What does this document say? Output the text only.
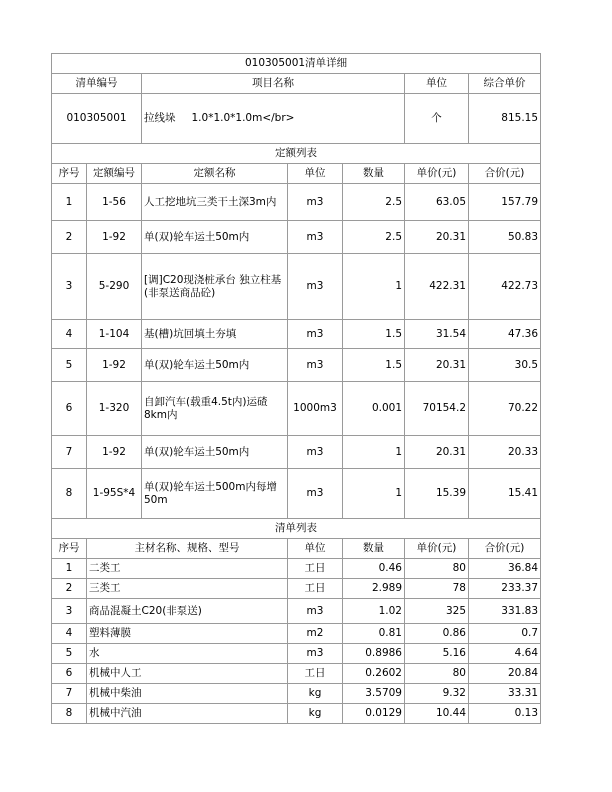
010305001清单详细						
清单编号		项目名称			单位	综合单价
010305001		拉线垛 1.0*1.0*1.0m</br>			个	815.15
定额列表						
序号	定额编号	定额名称	单位	数量	单价(元)	合价(元)
1	1-56	人工挖地坑三类干土深3m内	m3	2.5	63.05	157.79
2	1-92	单(双)轮车运土50m内	m3	2.5	20.31	50.83
3	5-290	[调]C20现浇桩承台 独立柱基(非泵送商品砼)	m3	1	422.31	422.73
4	1-104	基(槽)坑回填土夯填	m3	1.5	31.54	47.36
5	1-92	单(双)轮车运土50m内	m3	1.5	20.31	30.5
6	1-320	自卸汽车(载重4.5t内)运碴8km内	1000m3	0.001	70154.2	70.22
7	1-92	单(双)轮车运土50m内	m3	1	20.31	20.33
8	1-95S*4	单(双)轮车运土500m内每增50m	m3	1	15.39	15.41
清单列表						
序号	主材名称、规格、型号		单位	数量	单价(元)	合价(元)
1	二类工		工日	0.46	80	36.84
2	三类工		工日	2.989	78	233.37
3	商品混凝土C20(非泵送)		m3	1.02	325	331.83
4	塑料薄膜		m2	0.81	0.86	0.7
5	水		m3	0.8986	5.16	4.64
6	机械中人工		工日	0.2602	80	20.84
7	机械中柴油		kg	3.5709	9.32	33.31
8	机械中汽油		kg	0.0129	10.44	0.13
